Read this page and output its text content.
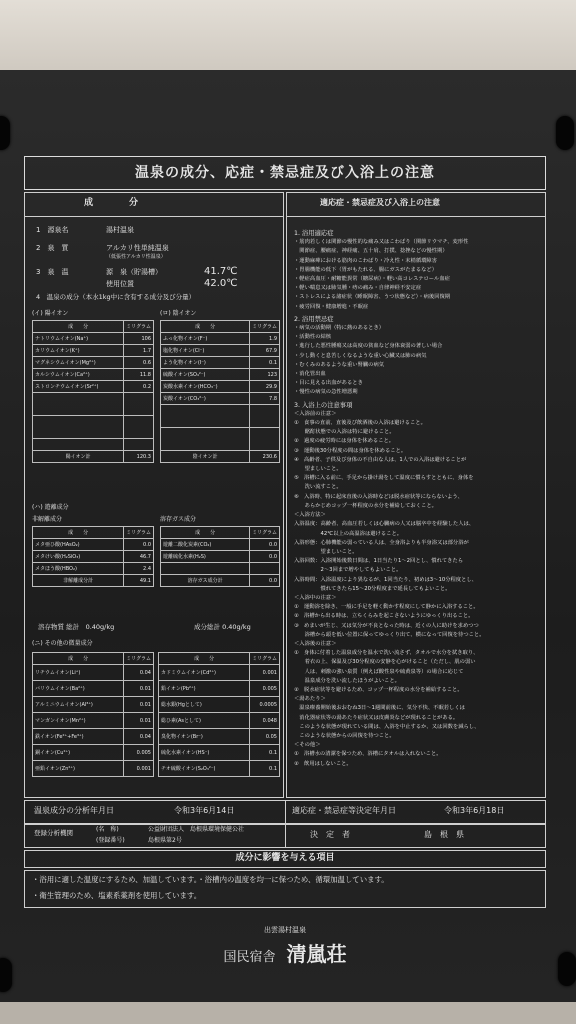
温泉の成分、応症・禁忌症及び入浴上の注意
成　　　　分	適応症・禁忌症及び入浴上の注意
1　源泉名	湯村温泉
2　泉　質	アルカリ性単純温泉
（低張性アルカリ性温泉）
3　泉　温	源　泉（貯湯槽）	41.7℃
使用位置	42.0℃
4　温泉の成分（本水1kg中に含有する成分及び分量）
(イ) 陽イオン	(ロ) 陰イオン
成　　分	ミリグラム
ナトリウムイオン(Na⁺)	106
カリウムイオン(K⁺)	1.7
マグネシウムイオン(Mg²⁺)	0.6
カルシウムイオン(Ca²⁺)	11.8
ストロンチウムイオン(Sr²⁺)	0.2

陽イオン計	120.3
成　　分	ミリグラム
ふっ化物イオン(F⁻)	1.9
塩化物イオン(Cl⁻)	67.9
よう化物イオン(I⁻)	0.1
硫酸イオン(SO₄²⁻)	123
炭酸水素イオン(HCO₃⁻)	29.9
炭酸イオン(CO₃²⁻)	7.8

陰イオン計	230.6
(ハ) 遊離成分
非解離成分	溶存ガス成分
成　　分	ミリグラム
メタ亜ひ酸(HAsO₂)	0.0
メタけい酸(H₂SiO₃)	46.7
メタほう酸(HBO₂)	2.4
非解離成分計	49.1
成　　分	ミリグラム
遊離二酸化炭素(CO₂)	0.0
遊離硫化水素(H₂S)	0.0

溶存ガス成分計	0.0
溶存物質 総計　0.40g/kg	成分総計 0.40g/kg
(ニ) その他の微量成分
成　　分	ミリグラム
リチウムイオン(Li⁺)	0.04
バリウムイオン(Ba²⁺)	0.01
アルミニウムイオン(Al³⁺)	0.01
マンガンイオン(Mn²⁺)	0.01
鉄イオン(Fe²⁺+Fe³⁺)	0.04
銅イオン(Cu²⁺)	0.005
亜鉛イオン(Zn²⁺)	0.001
成　　分	ミリグラム
カドミウムイオン(Cd²⁺)	0.001
鉛イオン(Pb²⁺)	0.005
総水銀(Hgとして)	0.0005
総ひ素(Asとして)	0.048
臭化物イオン(Br⁻)	0.05
硫化水素イオン(HS⁻)	0.1
チオ硫酸イオン(S₂O₃²⁻)	0.1
1. 浴用適応症
・筋肉若しくは関節の慢性的な痛み又はこわばり（関節リウマチ、変形性
　関節症、腰痛症、神経痛、五十肩、打撲、捻挫などの慢性期）
・運動麻痺における筋肉のこわばり・冷え性・末梢循環障害
・胃腸機能の低下（胃がもたれる、腸にガスがたまるなど）
・軽症高血圧・耐糖能異常（糖尿病）・軽い高コレステロール血症
・軽い喘息又は肺気腫・痔の痛み・自律神経不安定症
・ストレスによる諸症状（睡眠障害、うつ状態など）・病後回復期
・疲労回復・健康増進・不眠症
2. 浴用禁忌症
・病気の活動期（特に熱のあるとき）
・活動性の結核
・進行した悪性腫瘍又は高度の貧血など身体衰弱の著しい場合
・少し動くと息苦しくなるような重い心臓又は肺の病気
・むくみのあるような重い腎臓の病気
・消化管出血
・目に見える出血があるとき
・慢性の病気の急性増悪期
3. 入浴上の注意事項
＜入浴前の注意＞
①　食事の直前、直後及び飲酒後の入浴は避けること。
　　酩酊状態での入浴は特に避けること。
②　過度の疲労時には身体を休めること。
③　運動後30分程度の間は身体を休めること。
④　高齢者、子供及び身体の不自由な人は、1人での入浴は避けることが
　　望ましいこと。
⑤　浴槽に入る前に、手足から掛け湯をして温度に慣らすとともに、身体を
　　洗い流すこと。
⑥　入浴時、特に起床直後の入浴時などは脱水症状等にならないよう、
　　あらかじめコップ一杯程度の水分を補給しておくこと。
＜入浴方法＞
入浴温度：高齢者、高血圧若しくは心臓病の人又は脳卒中を経験した人は、
　　　　　42℃以上の高温浴は避けること。
入浴形態：心肺機能の弱っている人は、全身浴よりも半身浴又は部分浴が
　　　　　望ましいこと。
入浴回数：入浴開始後数日間は、1日当たり1〜2回とし、慣れてきたら
　　　　　2〜3回まで増やしてもよいこと。
入浴時間：入浴温度により異なるが、1回当たり、初めは3〜10分程度とし、
　　　　　慣れてきたら15〜20分程度まで延長してもよいこと。
＜入浴中の注意＞
①　運動浴を除き、一般に手足を軽く動かす程度にして静かに入浴すること。
②　浴槽から出る時は、立ちくらみを起こさないようにゆっくり出ること。
③　めまいが生じ、又は気分が不良となった時は、近くの人に助けを求めつつ
　　浴槽から頭を低い位置に保ってゆっくり出て、横になって回復を待つこと。
＜入浴後の注意＞
①　身体に付着した温泉成分を温水で洗い流さず、タオルで水分を拭き取り、
　　着衣の上、保温及び30分程度の安静を心がけること（ただし、肌の弱い
　　人は、刺激の強い泉質（例えば酸性泉や硫黄泉等）の場合に応じて
　　温泉成分を洗い流したほうがよいこと。
②　脱水症状等を避けるため、コップ一杯程度の水分を補給すること。
＜湯あたり＞
　温泉療養開始後おおむね3日〜1週間前後に、気分不快、不眠若しくは
　消化器症状等の湯あたり症状又は皮膚炎などが現れることがある。
　このような状態が現れている間は、入浴を中止するか、又は回数を減らし、
　このような状態からの回復を待つこと。
＜その他＞
①　浴槽水の清潔を保つため、浴槽にタオルは入れないこと。
②　飲用はしないこと。
温泉成分の分析年月日	令和3年6月14日	適応症・禁忌症等決定年月日	令和3年6月18日
登録分析機関	(名　称)	公益財団法人　島根県環境保健公社
(登録番号)	島根県第2号
決　定　者	島　根　県
成分に影響を与える項目
・浴用に適した温度にするため、加温しています。・浴槽内の温度を均一に保つため、循環加温しています。
・衛生管理のため、塩素系薬剤を使用しています。
出雲湯村温泉
国民宿舎 清嵐荘
